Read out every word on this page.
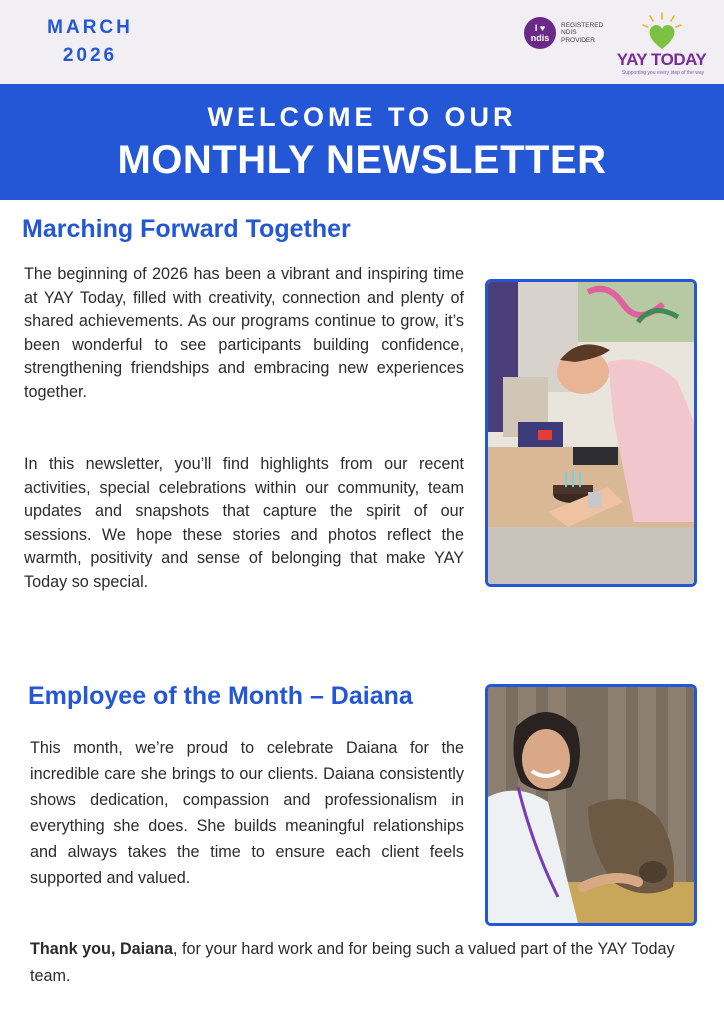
MARCH
2026
I ♥
ndis
REGISTERED
NDIS
PROVIDER
YAY TODAY
Supporting you every step of the way
WELCOME TO OUR
MONTHLY NEWSLETTER
Marching Forward Together

The beginning of 2026 has been a vibrant and inspiring time at YAY Today, filled with creativity, connection and plenty of shared achievements. As our programs continue to grow, it’s been wonderful to see participants building confidence, strengthening friendships and embracing new experiences together.

In this newsletter, you’ll find highlights from our recent activities, special celebrations within our community, team updates and snapshots that capture the spirit of our sessions. We hope these stories and photos reflect the warmth, positivity and sense of belonging that make YAY Today so special.

Employee of the Month – Daiana

This month, we’re proud to celebrate Daiana for the incredible care she brings to our clients. Daiana consistently shows dedication, compassion and professionalism in everything she does. She builds meaningful relationships and always takes the time to ensure each client feels supported and valued.

Thank you, Daiana, for your hard work and for being such a valued part of the YAY Today team.
